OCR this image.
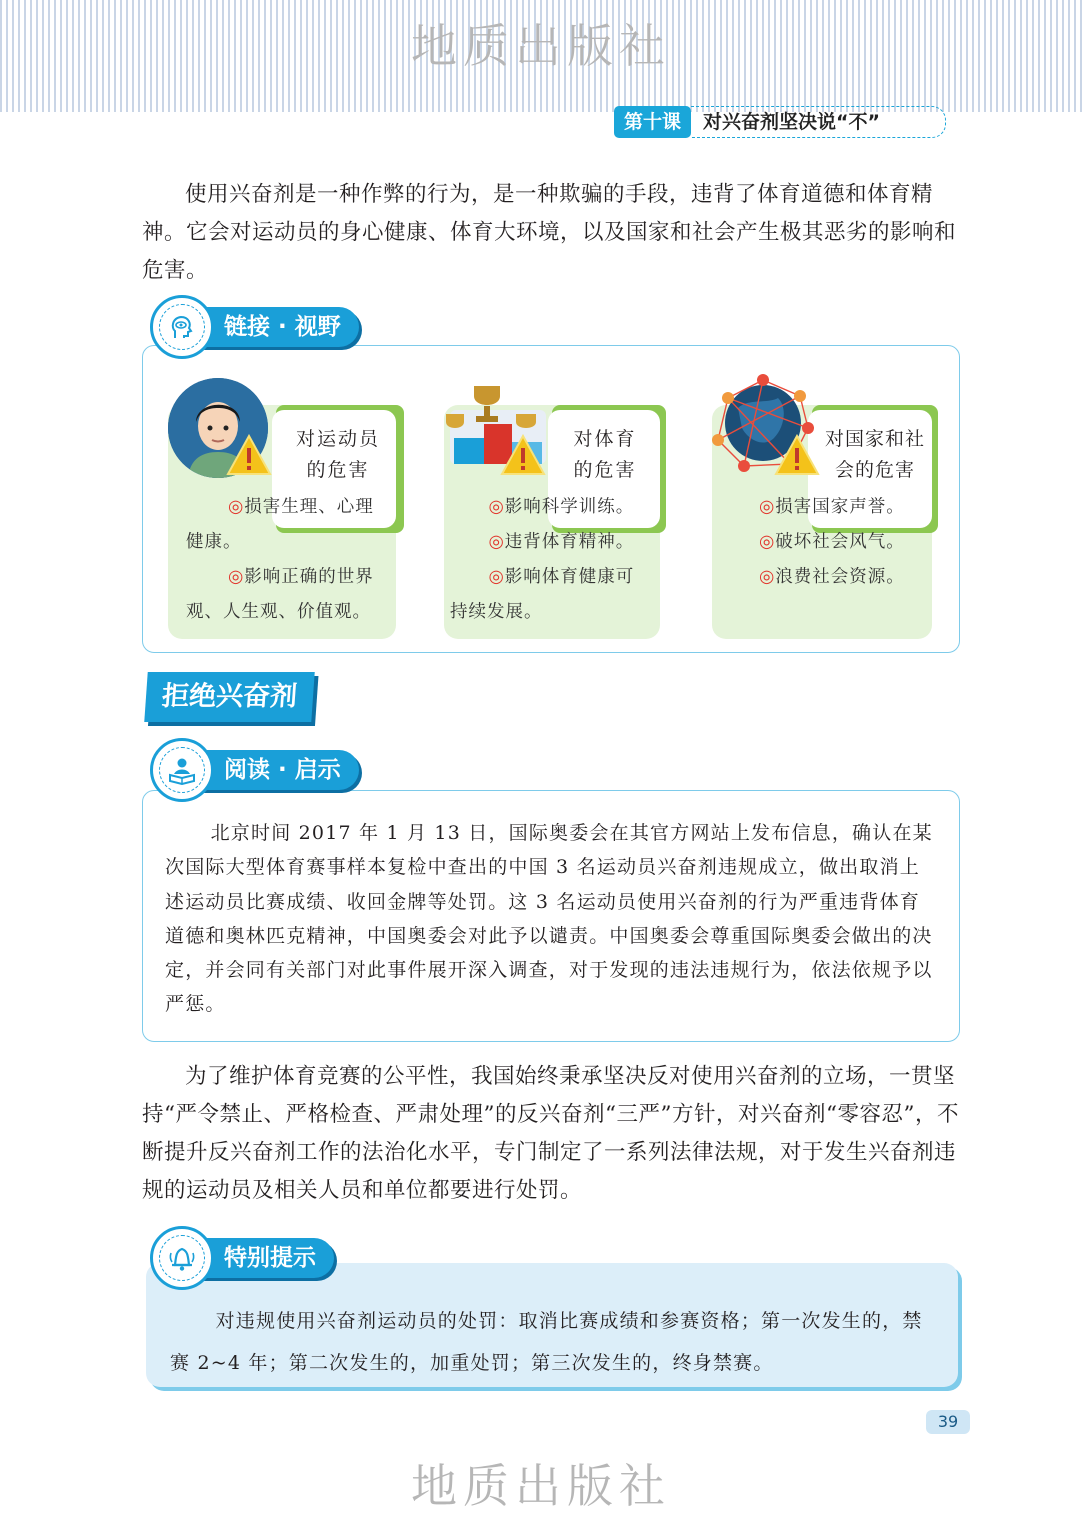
地质出版社
第十课	对兴奋剂坚决说“不”

使用兴奋剂是一种作弊的行为，是一种欺骗的手段，违背了体育道德和体育精神。它会对运动员的身心健康、体育大环境，以及国家和社会产生极其恶劣的影响和危害。

链接 · 视野
对运动员
的危害
◎损害生理、心理健康。
◎影响正确的世界观、人生观、价值观。
对体育
的危害
◎影响科学训练。
◎违背体育精神。
◎影响体育健康可持续发展。
对国家和社
会的危害
◎损害国家声誉。
◎破坏社会风气。
◎浪费社会资源。
拒绝兴奋剂
阅读 · 启示

北京时间 2017 年 1 月 13 日，国际奥委会在其官方网站上发布信息，确认在某次国际大型体育赛事样本复检中查出的中国 3 名运动员兴奋剂违规成立，做出取消上述运动员比赛成绩、收回金牌等处罚。这 3 名运动员使用兴奋剂的行为严重违背体育道德和奥林匹克精神，中国奥委会对此予以谴责。中国奥委会尊重国际奥委会做出的决定，并会同有关部门对此事件展开深入调查，对于发现的违法违规行为，依法依规予以严惩。

为了维护体育竞赛的公平性，我国始终秉承坚决反对使用兴奋剂的立场，一贯坚持“严令禁止、严格检查、严肃处理”的反兴奋剂“三严”方针，对兴奋剂“零容忍”，不断提升反兴奋剂工作的法治化水平，专门制定了一系列法律法规，对于发生兴奋剂违规的运动员及相关人员和单位都要进行处罚。

特别提示

对违规使用兴奋剂运动员的处罚：取消比赛成绩和参赛资格；第一次发生的，禁赛 2~4 年；第二次发生的，加重处罚；第三次发生的，终身禁赛。

39
地质出版社
